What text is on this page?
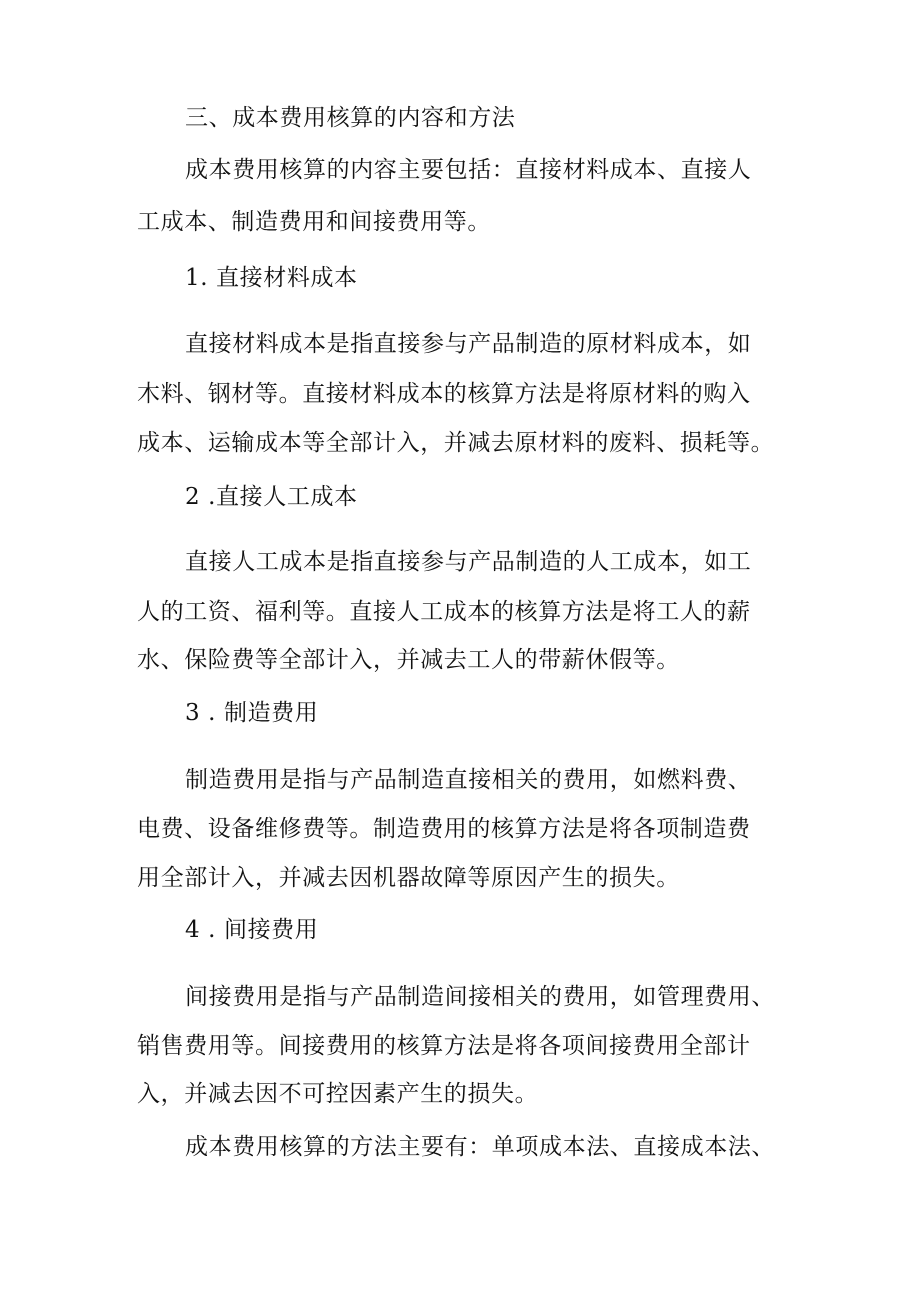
三、成本费用核算的内容和方法
成本费用核算的内容主要包括：直接材料成本、直接人
工成本、制造费用和间接费用等。
1. 直接材料成本
直接材料成本是指直接参与产品制造的原材料成本，如
木料、钢材等。直接材料成本的核算方法是将原材料的购入
成本、运输成本等全部计入，并减去原材料的废料、损耗等。
2 .直接人工成本
直接人工成本是指直接参与产品制造的人工成本，如工
人的工资、福利等。直接人工成本的核算方法是将工人的薪
水、保险费等全部计入，并减去工人的带薪休假等。
3 . 制造费用
制造费用是指与产品制造直接相关的费用，如燃料费、
电费、设备维修费等。制造费用的核算方法是将各项制造费
用全部计入，并减去因机器故障等原因产生的损失。
4 . 间接费用
间接费用是指与产品制造间接相关的费用，如管理费用、
销售费用等。间接费用的核算方法是将各项间接费用全部计
入，并减去因不可控因素产生的损失。
成本费用核算的方法主要有：单项成本法、直接成本法、
